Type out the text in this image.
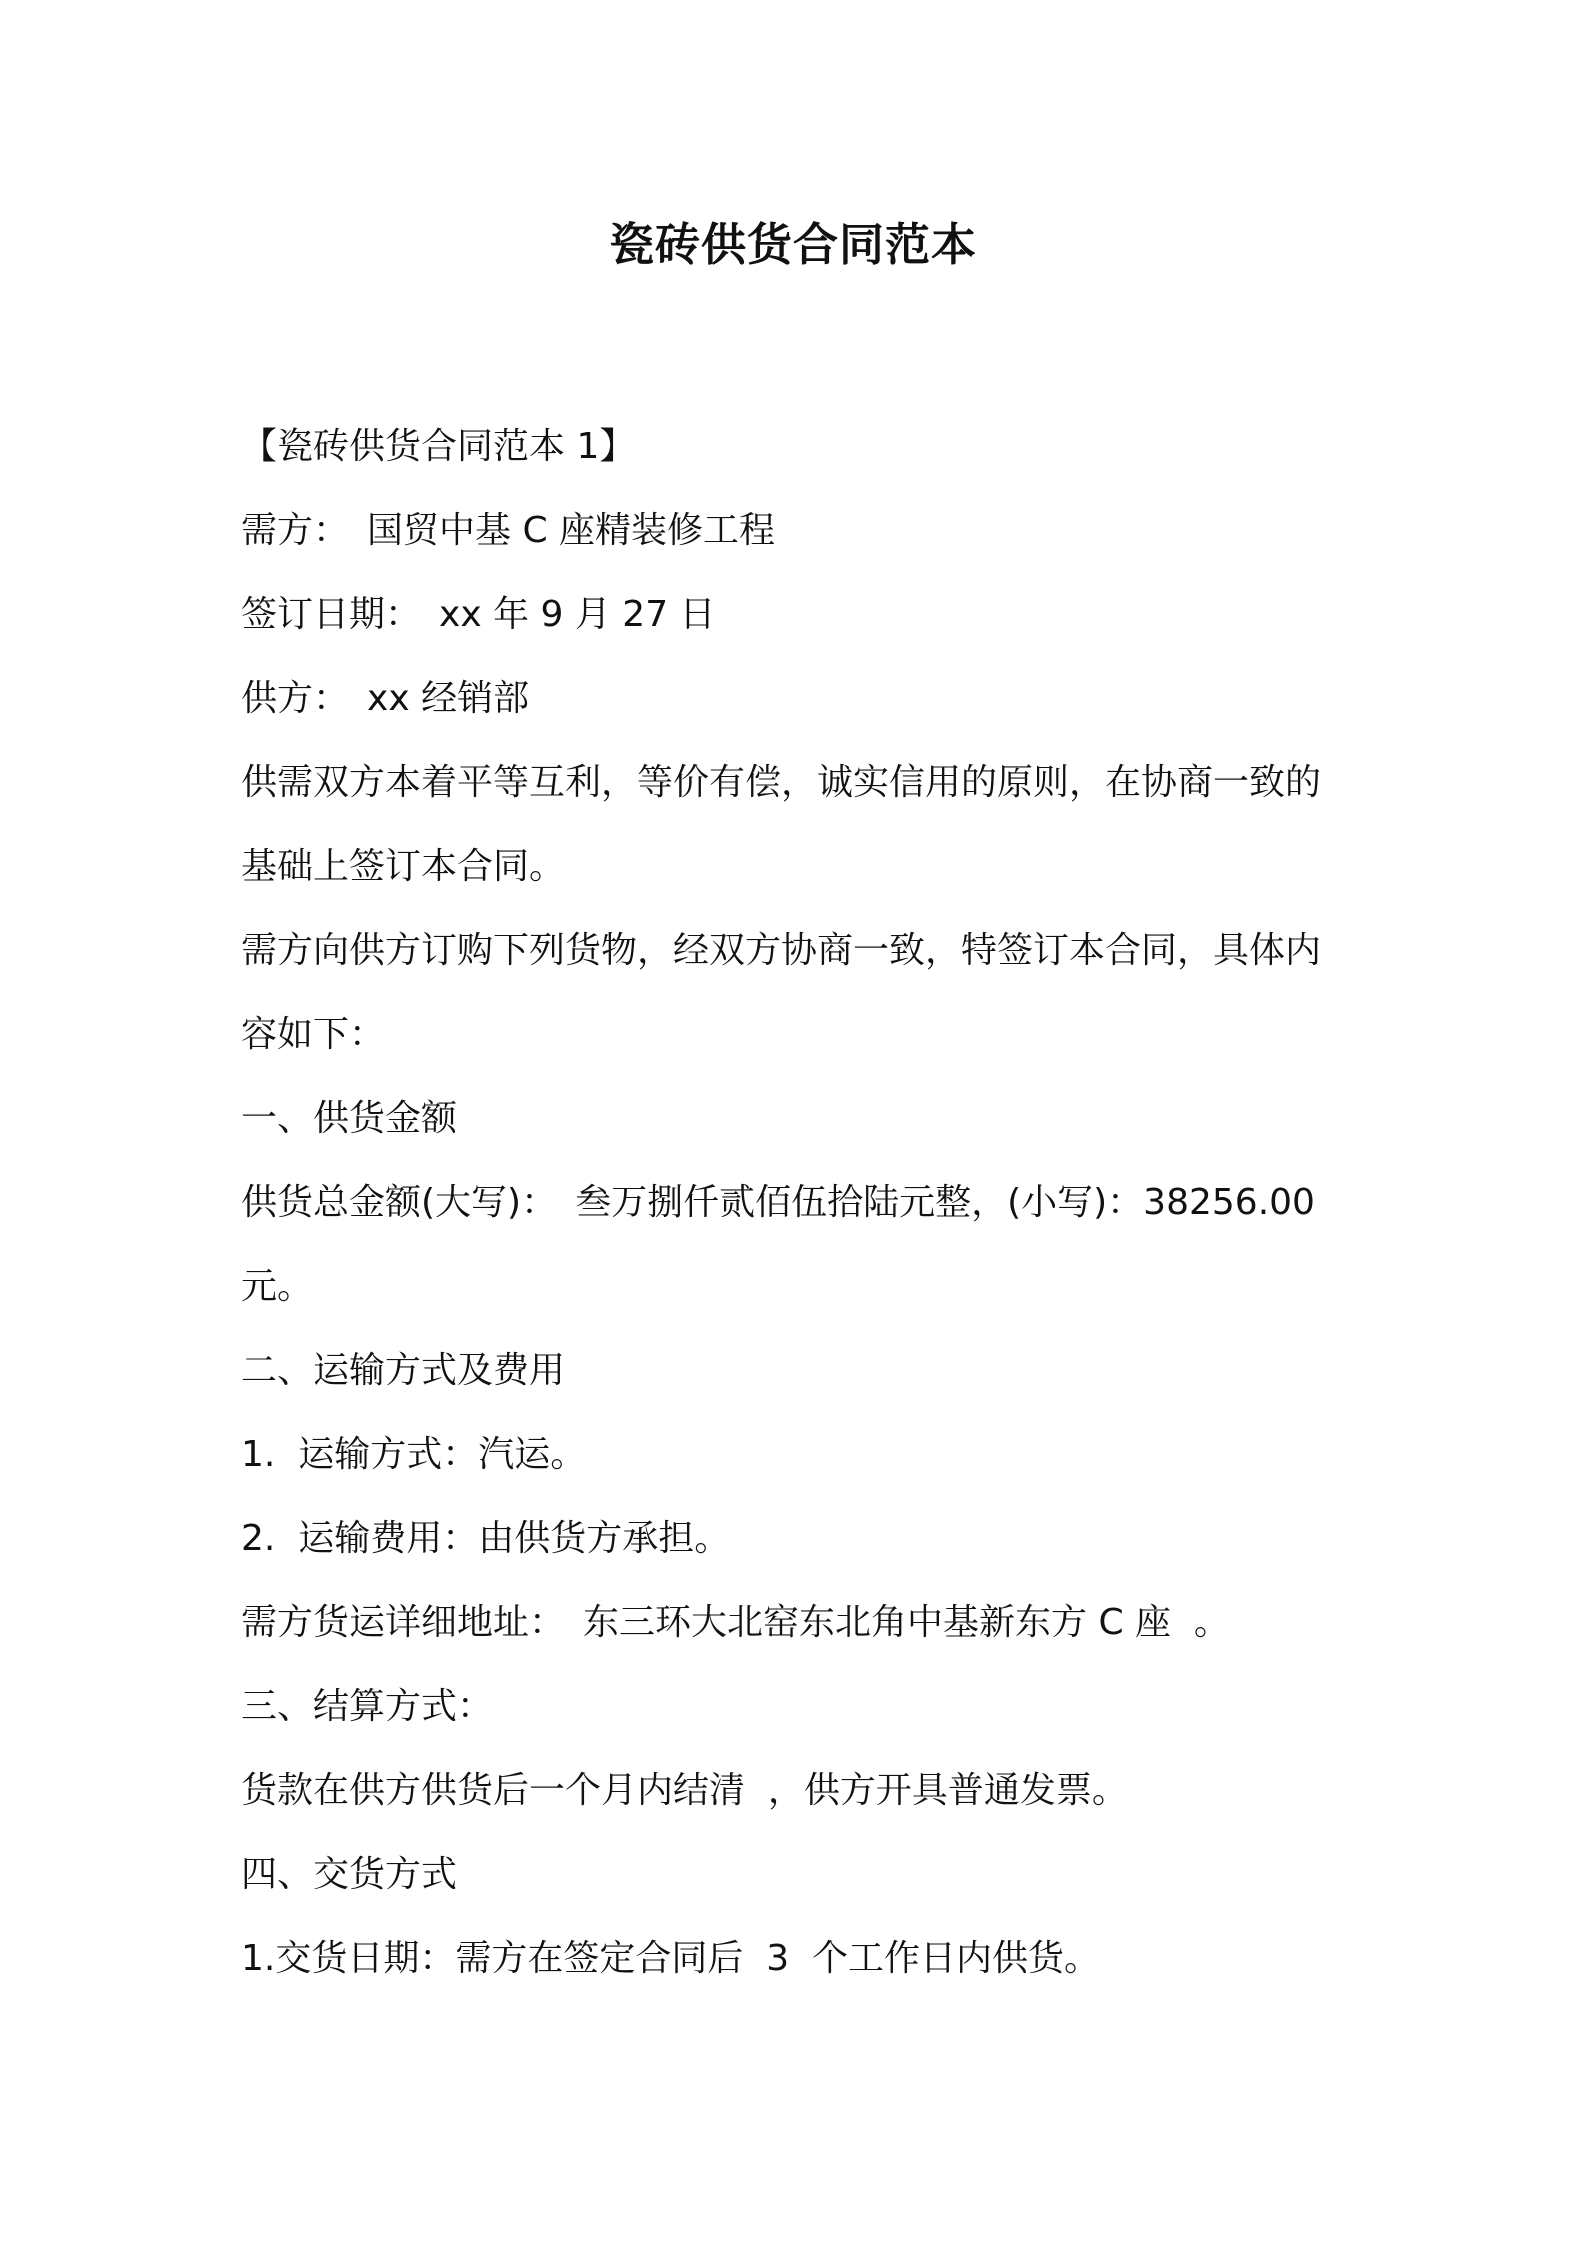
瓷砖供货合同范本
【瓷砖供货合同范本 1】
需方： 国贸中基 C 座精装修工程
签订日期： xx 年 9 月 27 日
供方： xx 经销部
供需双方本着平等互利，等价有偿，诚实信用的原则，在协商一致的
基础上签订本合同。
需方向供方订购下列货物，经双方协商一致，特签订本合同，具体内
容如下：
一、供货金额
供货总金额(大写)： 叁万捌仟贰佰伍拾陆元整，(小写)：38256.00
元。
二、运输方式及费用
1.  运输方式：汽运。
2.  运输费用：由供货方承担。
需方货运详细地址： 东三环大北窑东北角中基新东方 C 座  。
三、结算方式：
货款在供方供货后一个月内结清  ，供方开具普通发票。
四、交货方式
1.交货日期：需方在签定合同后  3  个工作日内供货。
